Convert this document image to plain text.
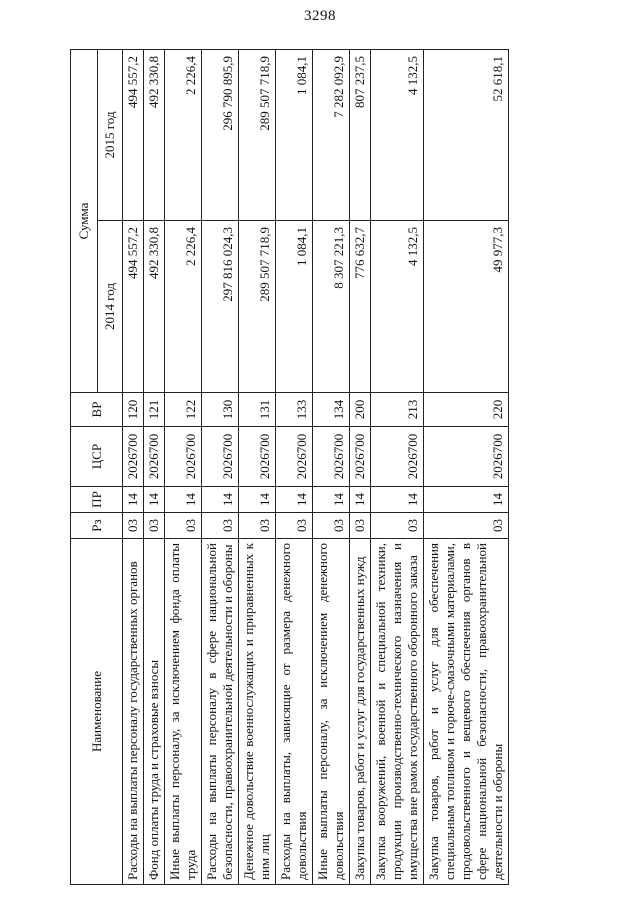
3298
Наименование	Рз	ПР	ЦСР	ВР	Сумма	
					2014 год	2015 год
Расходы на выплаты персоналу государственных органов	03	14	2026700	120	494 557,2	494 557,2
Фонд оплаты труда и страховые взносы	03	14	2026700	121	492 330,8	492 330,8
Иные выплаты персоналу, за исключением фонда оплаты труда	03	14	2026700	122	2 226,4	2 226,4
Расходы на выплаты персоналу в сфере национальной безопасности, правоохранительной деятельности и обороны	03	14	2026700	130	297 816 024,3	296 790 895,9
Денежное довольствие военнослужащих и приравненных к ним лиц	03	14	2026700	131	289 507 718,9	289 507 718,9
Расходы на выплаты, зависящие от размера денежного довольствия	03	14	2026700	133	1 084,1	1 084,1
Иные выплаты персоналу, за исключением денежного довольствия	03	14	2026700	134	8 307 221,3	7 282 092,9
Закупка товаров, работ и услуг для государственных нужд	03	14	2026700	200	776 632,7	807 237,5
Закупка вооружений, военной и специальной техники, продукции производственно-технического назначения и имущества вне рамок государственного оборонного заказа	03	14	2026700	213	4 132,5	4 132,5
Закупка товаров, работ и услуг для обеспечения специальным топливом и горюче-смазочными материалами, продовольственного и вещевого обеспечения органов в сфере национальной безопасности, правоохранительной деятельности и обороны	03	14	2026700	220	49 977,3	52 618,1
